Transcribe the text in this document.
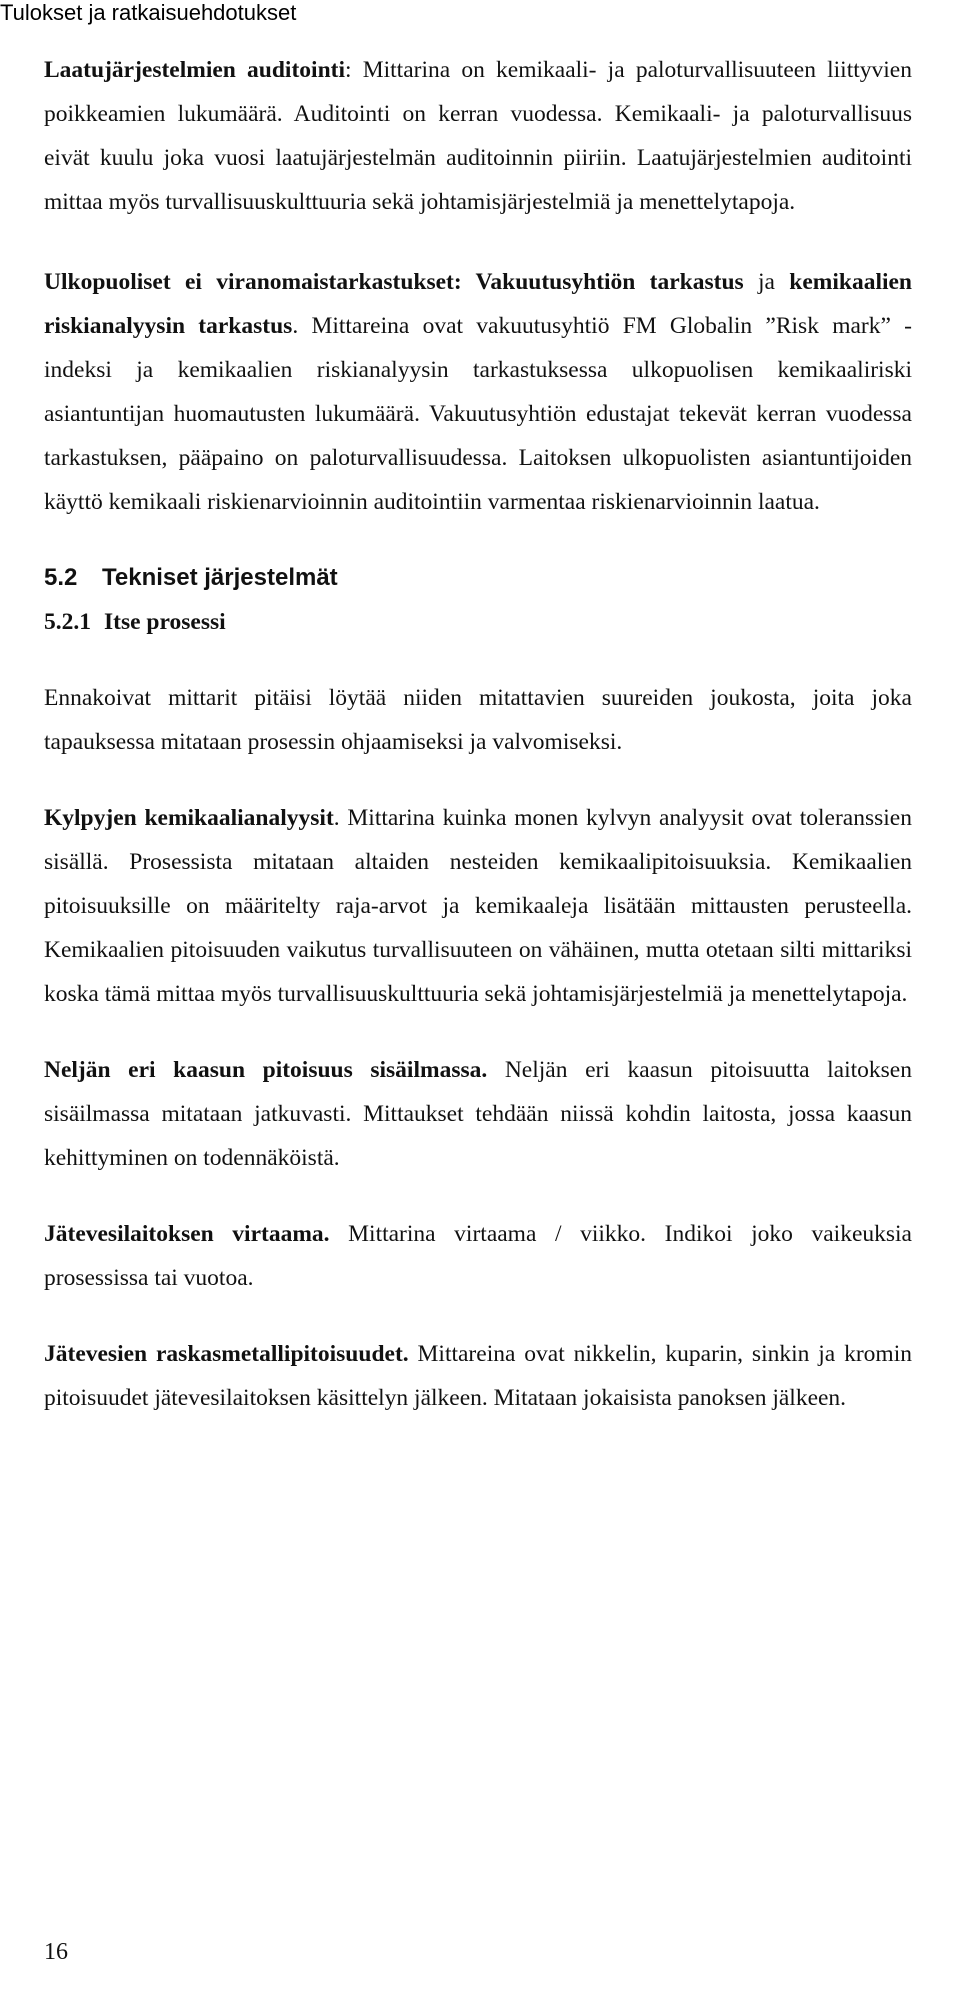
Tulokset ja ratkaisuehdotukset

Laatujärjestelmien auditointi: Mittarina on kemikaali- ja paloturvallisuuteen liittyvien poikkeamien lukumäärä. Auditointi on kerran vuodessa. Kemikaali- ja paloturvallisuus eivät kuulu joka vuosi laatujärjestelmän auditoinnin piiriin. Laatujärjestelmien auditointi mittaa myös turvallisuuskulttuuria sekä johtamisjärjestelmiä ja menettelytapoja.

Ulkopuoliset ei viranomaistarkastukset: Vakuutusyhtiön tarkastus ja kemikaalien riskianalyysin tarkastus. Mittareina ovat vakuutusyhtiö FM Globalin ”Risk mark” - indeksi ja kemikaalien riskianalyysin tarkastuksessa ulkopuolisen kemikaaliriski asiantuntijan huomautusten lukumäärä. Vakuutusyhtiön edustajat tekevät kerran vuodessa tarkastuksen, pääpaino on paloturvallisuudessa. Laitoksen ulkopuolisten asiantuntijoiden käyttö kemikaali riskienarvioinnin auditointiin varmentaa riskienarvioinnin laatua.

5.2 Tekniset järjestelmät

5.2.1 Itse prosessi

Ennakoivat mittarit pitäisi löytää niiden mitattavien suureiden joukosta, joita joka tapauksessa mitataan prosessin ohjaamiseksi ja valvomiseksi.

Kylpyjen kemikaalianalyysit. Mittarina kuinka monen kylvyn analyysit ovat toleranssien sisällä. Prosessista mitataan altaiden nesteiden kemikaalipitoisuuksia. Kemikaalien pitoisuuksille on määritelty raja-arvot ja kemikaaleja lisätään mittausten perusteella. Kemikaalien pitoisuuden vaikutus turvallisuuteen on vähäinen, mutta otetaan silti mittariksi koska tämä mittaa myös turvallisuuskulttuuria sekä johtamisjärjestelmiä ja menettelytapoja.

Neljän eri kaasun pitoisuus sisäilmassa. Neljän eri kaasun pitoisuutta laitoksen sisäilmassa mitataan jatkuvasti. Mittaukset tehdään niissä kohdin laitosta, jossa kaasun kehittyminen on todennäköistä.

Jätevesilaitoksen virtaama. Mittarina virtaama / viikko. Indikoi joko vaikeuksia prosessissa tai vuotoa.

Jätevesien raskasmetallipitoisuudet. Mittareina ovat nikkelin, kuparin, sinkin ja kromin pitoisuudet jätevesilaitoksen käsittelyn jälkeen. Mitataan jokaisista panoksen jälkeen.

16
